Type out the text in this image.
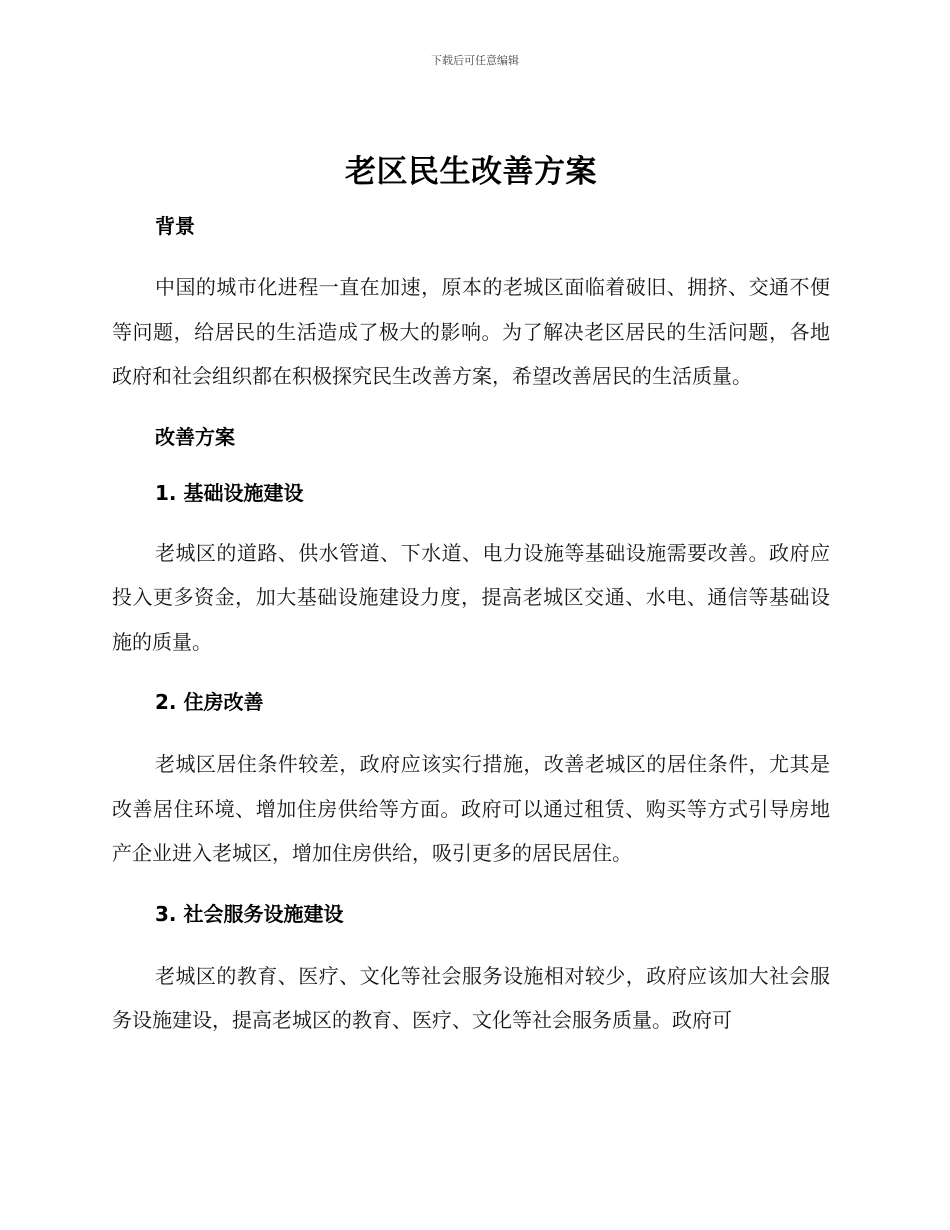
下载后可任意编辑
老区民生改善方案
背景

中国的城市化进程一直在加速，原本的老城区面临着破旧、拥挤、交通不便等问题，给居民的生活造成了极大的影响。为了解决老区居民的生活问题，各地政府和社会组织都在积极探究民生改善方案，希望改善居民的生活质量。

改善方案
1. 基础设施建设

老城区的道路、供水管道、下水道、电力设施等基础设施需要改善。政府应投入更多资金，加大基础设施建设力度，提高老城区交通、水电、通信等基础设施的质量。

2. 住房改善

老城区居住条件较差，政府应该实行措施，改善老城区的居住条件，尤其是改善居住环境、增加住房供给等方面。政府可以通过租赁、购买等方式引导房地产企业进入老城区，增加住房供给，吸引更多的居民居住。

3. 社会服务设施建设

老城区的教育、医疗、文化等社会服务设施相对较少，政府应该加大社会服务设施建设，提高老城区的教育、医疗、文化等社会服务质量。政府可
